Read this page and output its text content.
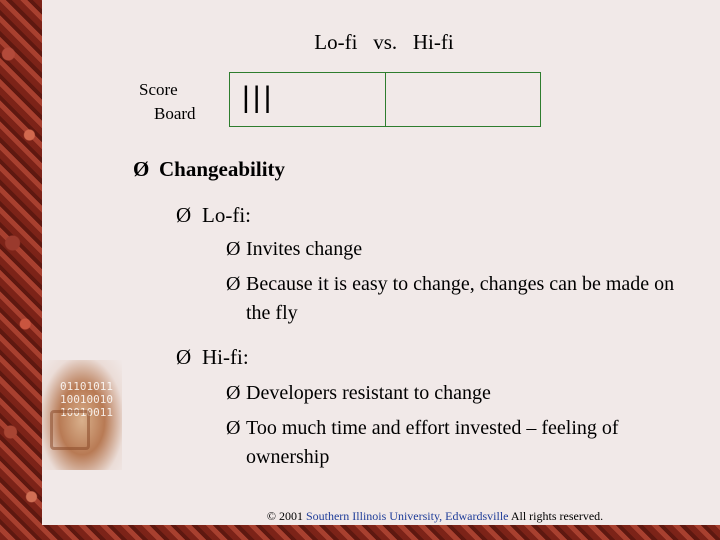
01101011
10010010
10010011
Lo-fi   vs.   Hi-fi
Score
Board |||
Ø Changeability
Ø Lo-fi:
Ø Invites change
Ø Because it is easy to change, changes can be made on the fly
Ø Hi-fi:
Ø Developers resistant to change
Ø Too much time and effort invested – feeling of ownership
© 2001 Southern Illinois University, Edwardsville All rights reserved.
